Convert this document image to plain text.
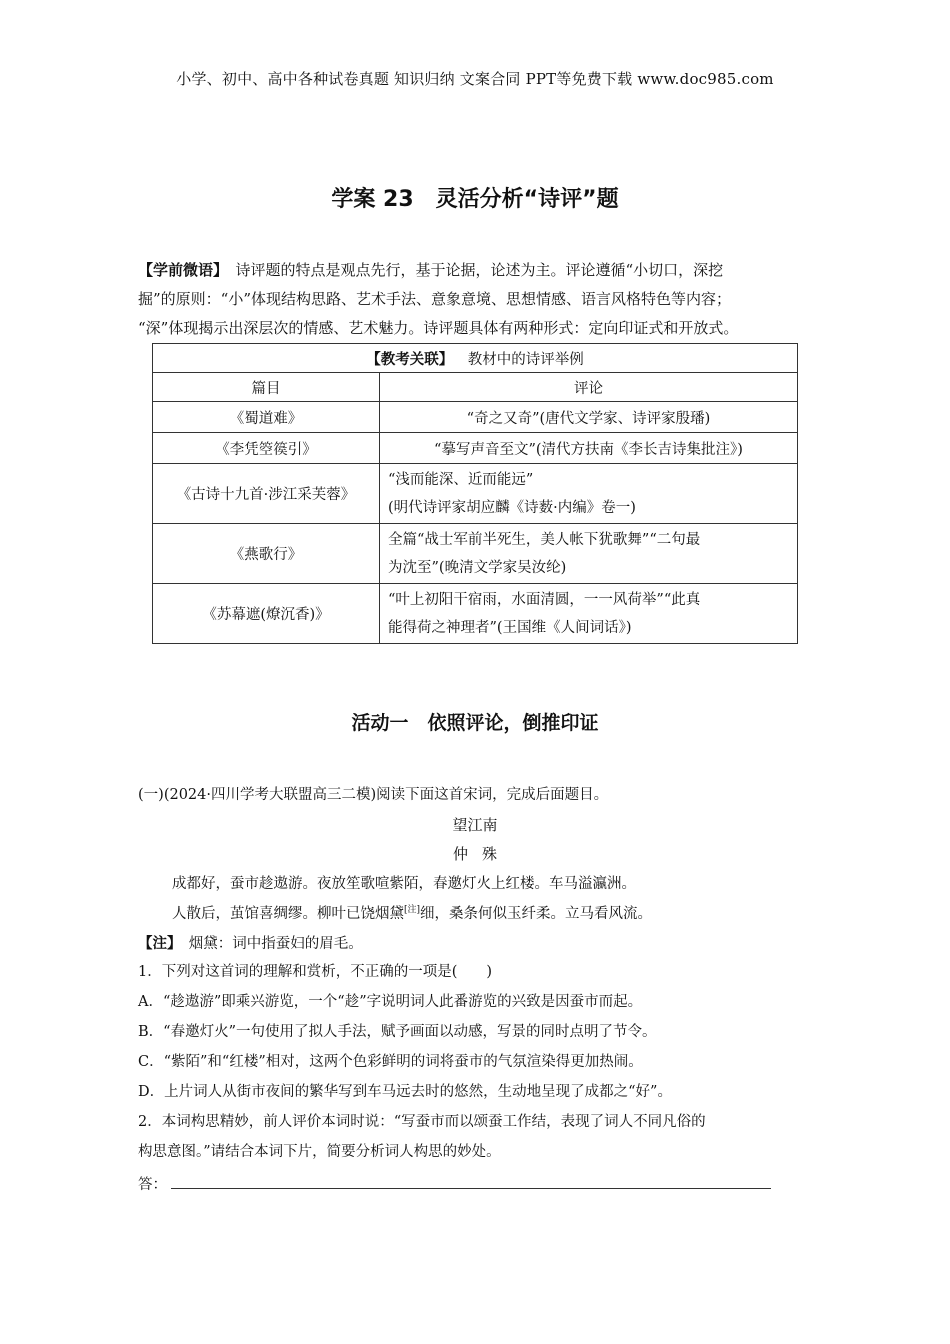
小学、初中、高中各种试卷真题 知识归纳 文案合同 PPT等免费下载 www.doc985.com
学案 23　灵活分析“诗评”题

【学前微语】  诗评题的特点是观点先行，基于论据，论述为主。评论遵循“小切口，深挖

掘”的原则：“小”体现结构思路、艺术手法、意象意境、思想情感、语言风格特色等内容；

“深”体现揭示出深层次的情感、艺术魅力。诗评题具体有两种形式：定向印证式和开放式。

【教考关联】  教材中的诗评举例	
篇目	评论
《蜀道难》	“奇之又奇”(唐代文学家、诗评家殷璠)
《李凭箜篌引》	“摹写声音至文”(清代方扶南《李长吉诗集批注》)
《古诗十九首·涉江采芙蓉》	“浅而能深、近而能远”
(明代诗评家胡应麟《诗薮·内编》卷一)

《燕歌行》	全篇“战士军前半死生，美人帐下犹歌舞”“二句最
为沈至”(晚清文学家吴汝纶)

《苏幕遮(燎沉香)》	“叶上初阳干宿雨，水面清圆，一一风荷举”“此真
能得荷之神理者”(王国维《人间词话》)
活动一　依照评论，倒推印证
(一)(2024·四川学考大联盟高三二模)阅读下面这首宋词，完成后面题目。
望江南
仲殊
成都好，蚕市趁遨游。夜放笙歌喧紫陌，春邀灯火上红楼。车马溢瀛洲。
人散后，茧馆喜绸缪。柳叶已饶烟黛[注]细，桑条何似玉纤柔。立马看风流。
【注】  烟黛：词中指蚕妇的眉毛。
1．下列对这首词的理解和赏析，不正确的一项是(　　)
A．“趁遨游”即乘兴游览，一个“趁”字说明词人此番游览的兴致是因蚕市而起。
B．“春邀灯火”一句使用了拟人手法，赋予画面以动感，写景的同时点明了节令。
C．“紫陌”和“红楼”相对，这两个色彩鲜明的词将蚕市的气氛渲染得更加热闹。
D．上片词人从街市夜间的繁华写到车马远去时的悠然，生动地呈现了成都之“好”。
2．本词构思精妙，前人评价本词时说：“写蚕市而以颂蚕工作结，表现了词人不同凡俗的
构思意图。”请结合本词下片，简要分析词人构思的妙处。
答：
